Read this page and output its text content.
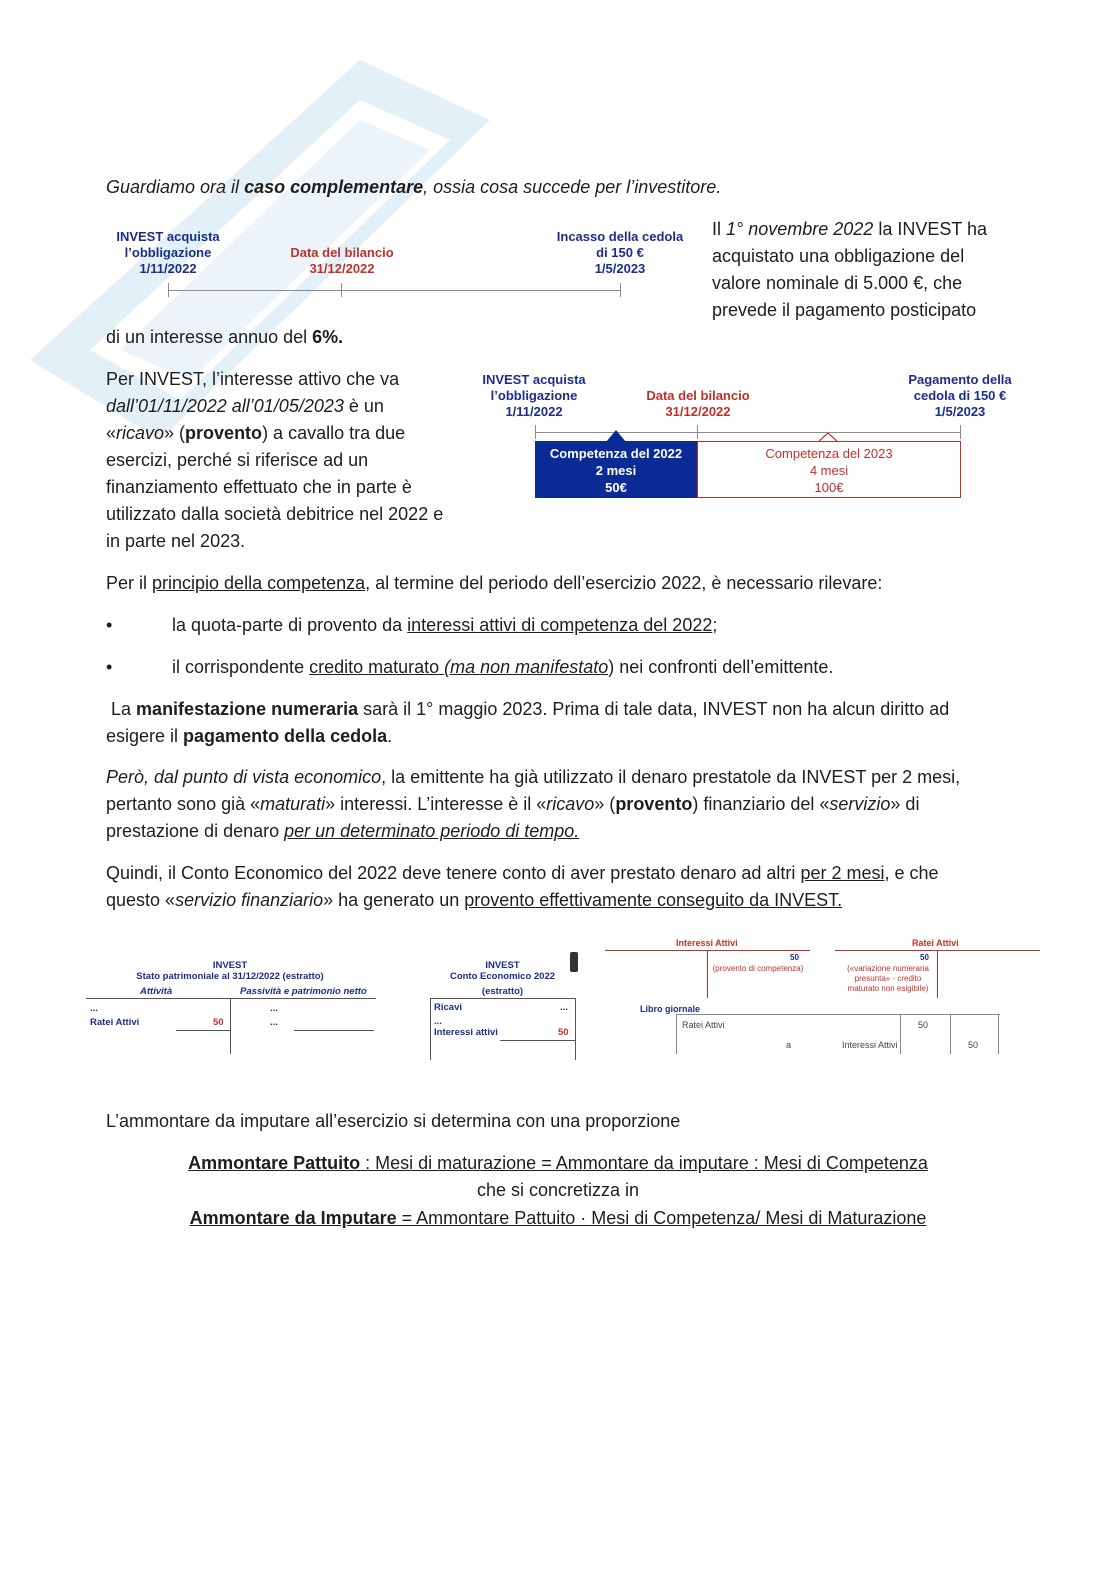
Guardiamo ora il caso complementare, ossia cosa succede per l’investitore.
INVEST acquista
l’obbligazione
1/11/2022
Data del bilancio
31/12/2022
Incasso della cedola
di 150 €
1/5/2023
Il 1° novembre 2022 la INVEST ha
acquistato una obbligazione del
valore nominale di 5.000 €, che
prevede il pagamento posticipato
di un interesse annuo del 6%.
Per INVEST, l’interesse attivo che va
dall’01/11/2022 all’01/05/2023 è un
«ricavo» (provento) a cavallo tra due
esercizi, perché si riferisce ad un
finanziamento effettuato che in parte è
utilizzato dalla società debitrice nel 2022 e
in parte nel 2023.
INVEST acquista
l’obbligazione
1/11/2022
Data del bilancio
31/12/2022
Pagamento della
cedola di 150 €
1/5/2023
Competenza del 2022
2 mesi
50€
Competenza del 2023
4 mesi
100€
Per il principio della competenza, al termine del periodo dell’esercizio 2022, è necessario rilevare:
•	la quota-parte di provento da interessi attivi di competenza del 2022;
•	il corrispondente credito maturato (ma non manifestato) nei confronti dell’emittente.
La manifestazione numeraria sarà il 1° maggio 2023. Prima di tale data, INVEST non ha alcun diritto ad
esigere il pagamento della cedola.
Però, dal punto di vista economico, la emittente ha già utilizzato il denaro prestatole da INVEST per 2 mesi,
pertanto sono già «maturati» interessi. L’interesse è il «ricavo» (provento) finanziario del «servizio» di
prestazione di denaro per un determinato periodo di tempo.
Quindi, il Conto Economico del 2022 deve tenere conto di aver prestato denaro ad altri per 2 mesi, e che
questo «servizio finanziario» ha generato un provento effettivamente conseguito da INVEST.
INVEST
Stato patrimoniale al 31/12/2022 (estratto)
Attività	Passività e patrimonio netto
...	...
Ratei Attivi	50	...
INVEST
Conto Economico 2022
(estratto)
Ricavi	...
...
Interessi attivi	50
Interessi Attivi
50
(provento di competenza)
Ratei Attivi
50
(«variazione numeraria
presunta» - credito
maturato non esigibile)
Libro giornale
Ratei Attivi	50
a	Interessi Attivi	50
L’ammontare da imputare all’esercizio si determina con una proporzione
Ammontare Pattuito : Mesi di maturazione = Ammontare da imputare : Mesi di Competenza
che si concretizza in
Ammontare da Imputare = Ammontare Pattuito · Mesi di Competenza/ Mesi di Maturazione
